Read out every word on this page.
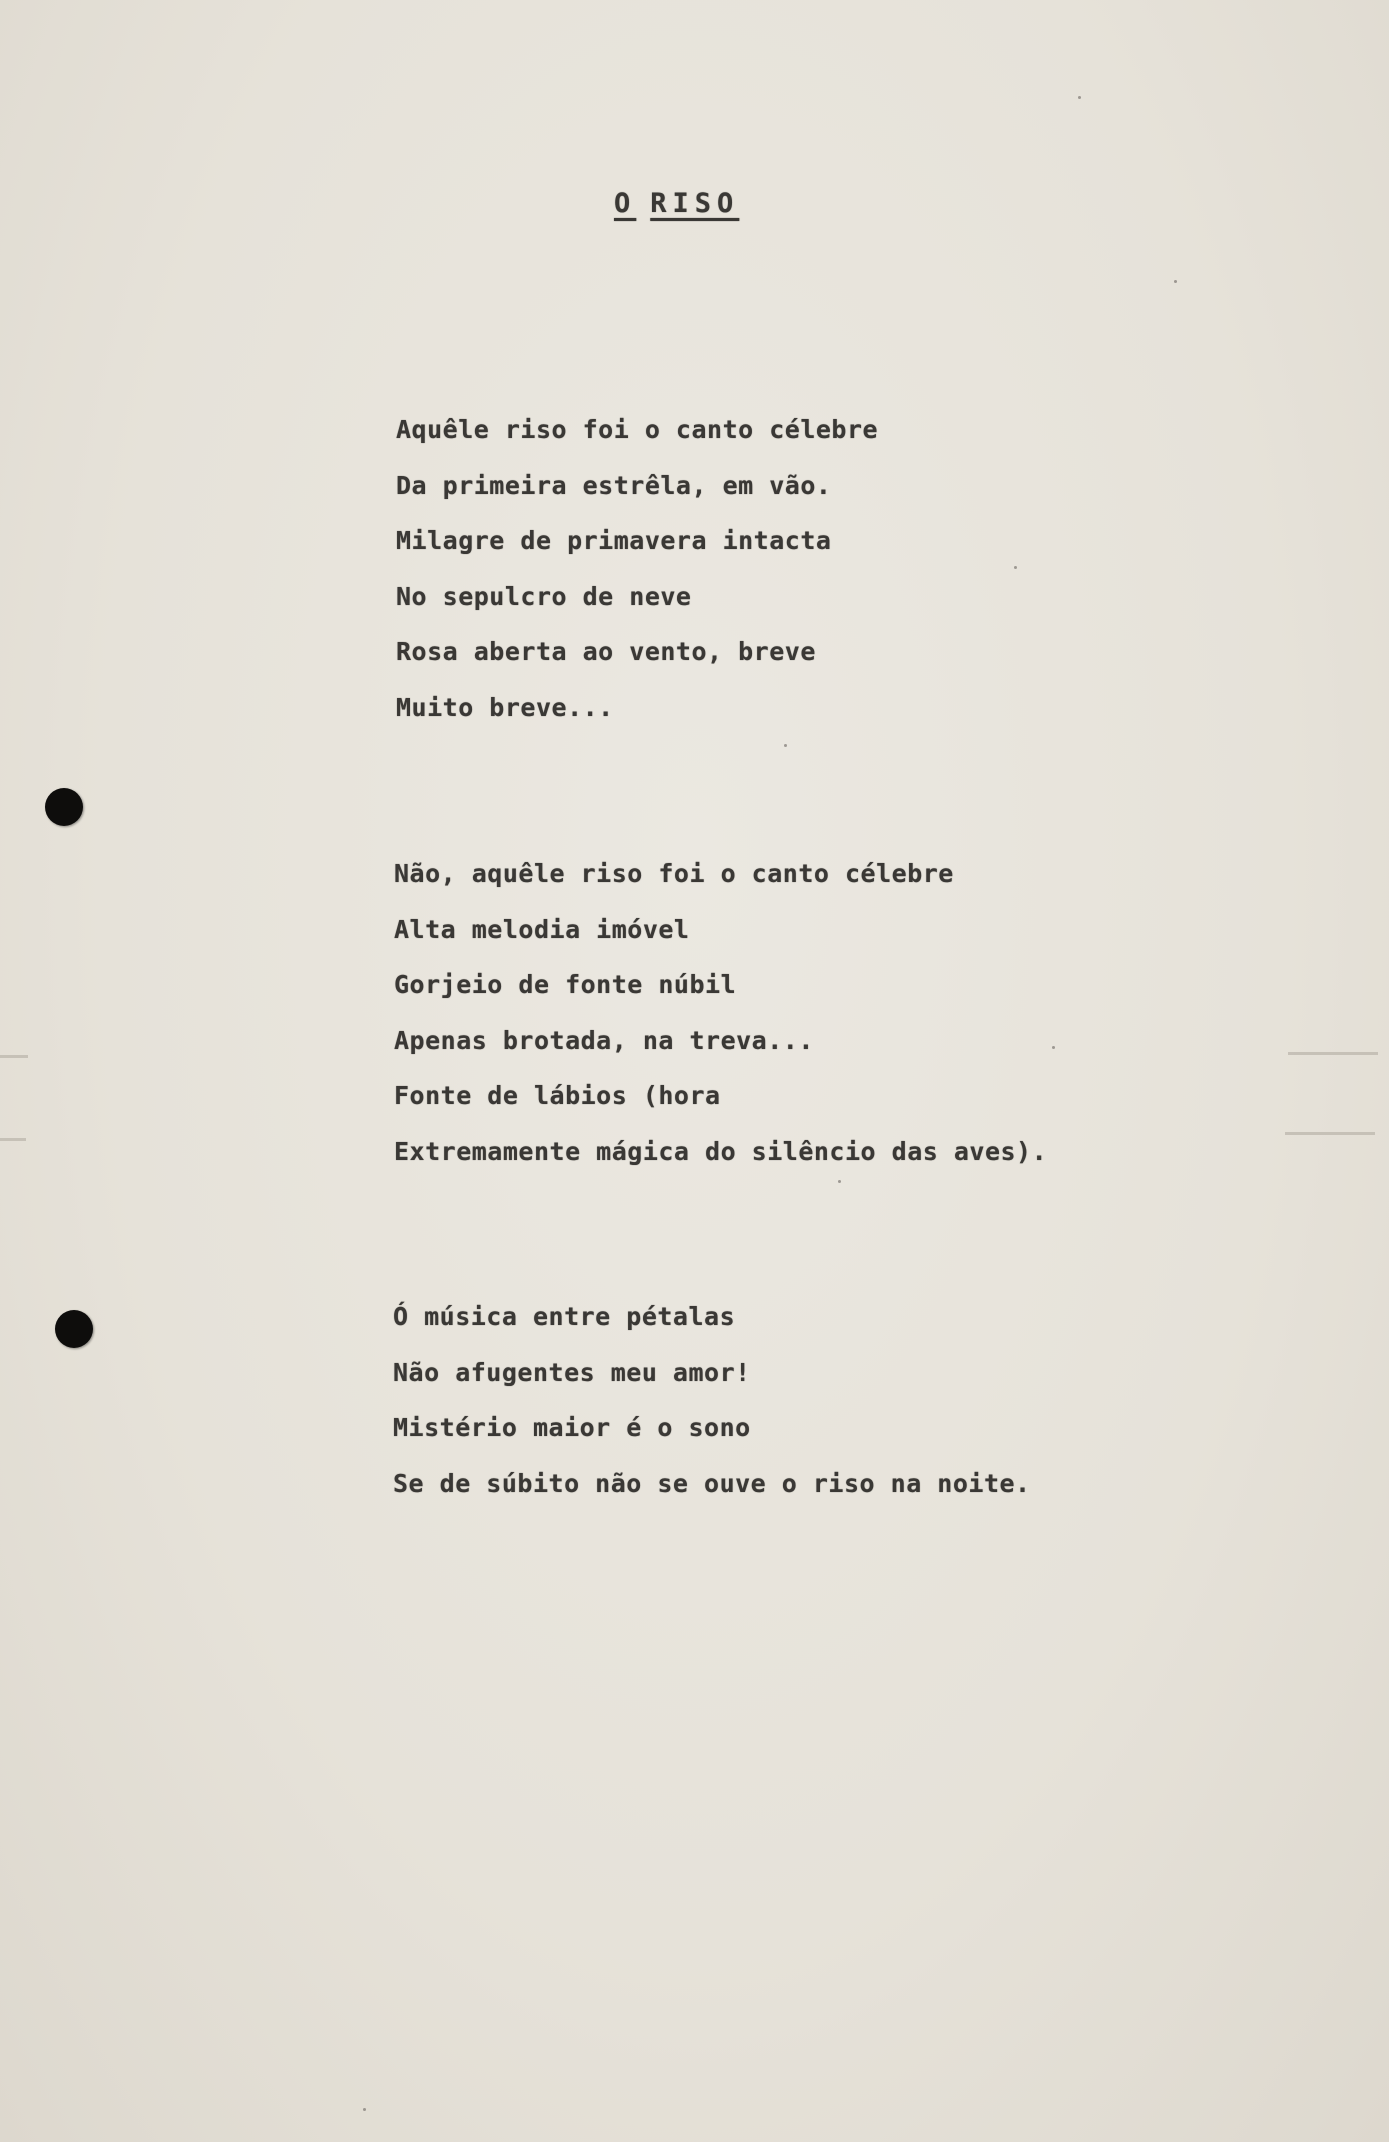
O RISO
Aquêle riso foi o canto célebre
Da primeira estrêla, em vão.
Milagre de primavera intacta
No sepulcro de neve
Rosa aberta ao vento, breve
Muito breve...
Não, aquêle riso foi o canto célebre
Alta melodia imóvel
Gorjeio de fonte núbil
Apenas brotada, na treva...
Fonte de lábios (hora
Extremamente mágica do silêncio das aves).
Ó música entre pétalas
Não afugentes meu amor!
Mistério maior é o sono
Se de súbito não se ouve o riso na noite.
